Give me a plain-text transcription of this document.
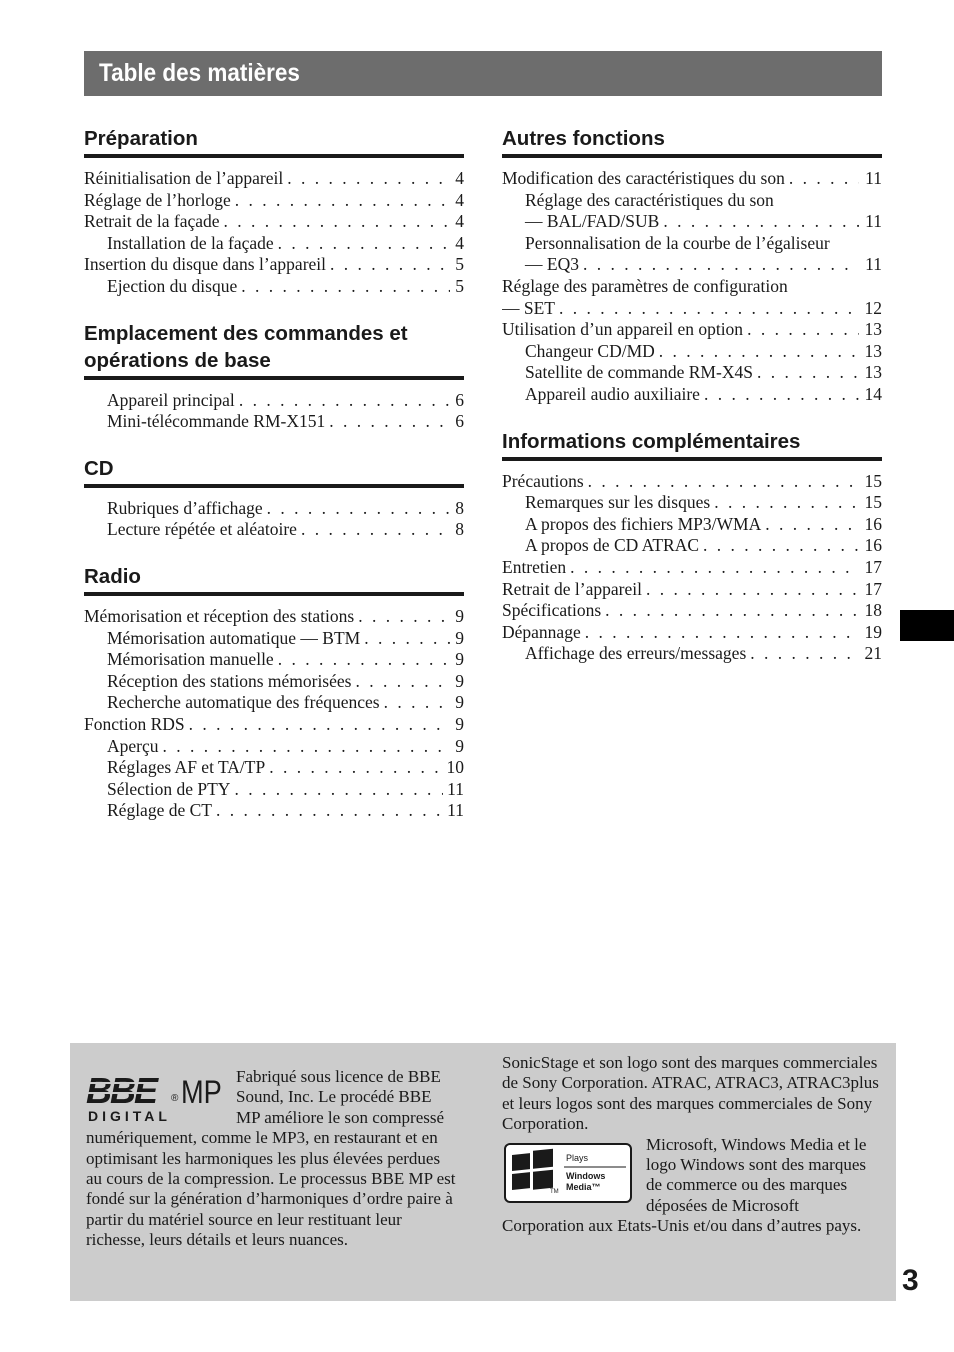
Table des matières
Préparation
Réinitialisation de l’appareil . . .	4
Réglage de l’horloge . . .	4
Retrait de la façade . . .	4
Installation de la façade . . .	4
Insertion du disque dans l’appareil . . .	5
Ejection du disque . . .	5
Emplacement des commandes et opérations de base
Appareil principal . . .	6
Mini-télécommande RM-X151 . . .	6
CD
Rubriques d’affichage . . .	8
Lecture répétée et aléatoire . . .	8
Radio
Mémorisation et réception des stations . . .	9
Mémorisation automatique — BTM . . .	9
Mémorisation manuelle . . .	9
Réception des stations mémorisées . . .	9
Recherche automatique des fréquences . . .	9
Fonction RDS . . .	9
Aperçu . . .	9
Réglages AF et TA/TP . . .	10
Sélection de PTY . . .	11
Réglage de CT . . .	11
Autres fonctions
Modification des caractéristiques du son . . .	11
Réglage des caractéristiques du son
— BAL/FAD/SUB . . .	11
Personnalisation de la courbe de l’égaliseur
— EQ3 . . .	11
Réglage des paramètres de configuration
— SET . . .	12
Utilisation d’un appareil en option . . .	13
Changeur CD/MD . . .	13
Satellite de commande RM-X4S . . .	13
Appareil audio auxiliaire . . .	14
Informations complémentaires
Précautions . . .	15
Remarques sur les disques . . .	15
A propos des fichiers MP3/WMA . . .	16
A propos de CD ATRAC . . .	16
Entretien . . .	17
Retrait de l’appareil . . .	17
Spécifications . . .	18
Dépannage . . .	19
Affichage des erreurs/messages . . .	21
BBE ® MP
DIGITAL

Fabriqué sous licence de BBE Sound, Inc. Le procédé BBE MP améliore le son compressé numériquement, comme le MP3, en restaurant et en optimisant les harmoniques les plus élevées perdues au cours de la compression. Le processus BBE MP est fondé sur la génération d’harmoniques d’ordre paire à partir du matériel source en leur restituant leur richesse, leurs détails et leurs nuances.

SonicStage et son logo sont des marques commerciales de Sony Corporation. ATRAC, ATRAC3, ATRAC3plus et leurs logos sont des marques commerciales de Sony Corporation.

TM
Plays
Windows
Media™

Microsoft, Windows Media et le logo Windows sont des marques de commerce ou des marques déposées de Microsoft Corporation aux Etats-Unis et/ou dans d’autres pays.

3
